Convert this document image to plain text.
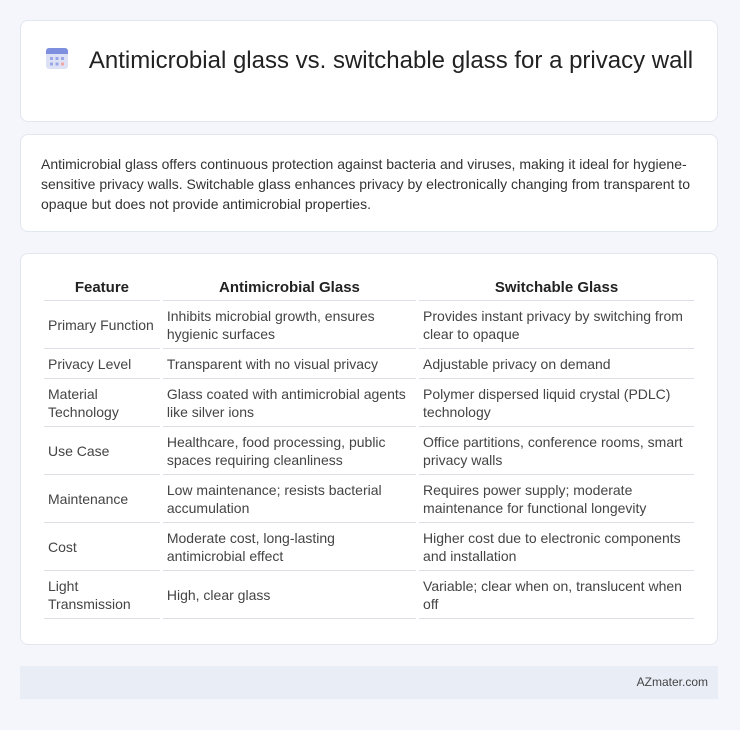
Antimicrobial glass vs. switchable glass for a privacy wall

Antimicrobial glass offers continuous protection against bacteria and viruses, making it ideal for hygiene-sensitive privacy walls. Switchable glass enhances privacy by electronically changing from transparent to opaque but does not provide antimicrobial properties.

Feature	Antimicrobial Glass	Switchable Glass
Primary Function	Inhibits microbial growth, ensures hygienic surfaces	Provides instant privacy by switching from clear to opaque
Privacy Level	Transparent with no visual privacy	Adjustable privacy on demand
Material Technology	Glass coated with antimicrobial agents like silver ions	Polymer dispersed liquid crystal (PDLC) technology
Use Case	Healthcare, food processing, public spaces requiring cleanliness	Office partitions, conference rooms, smart privacy walls
Maintenance	Low maintenance; resists bacterial accumulation	Requires power supply; moderate maintenance for functional longevity
Cost	Moderate cost, long-lasting antimicrobial effect	Higher cost due to electronic components and installation
Light Transmission	High, clear glass	Variable; clear when on, translucent when off
AZmater.com
